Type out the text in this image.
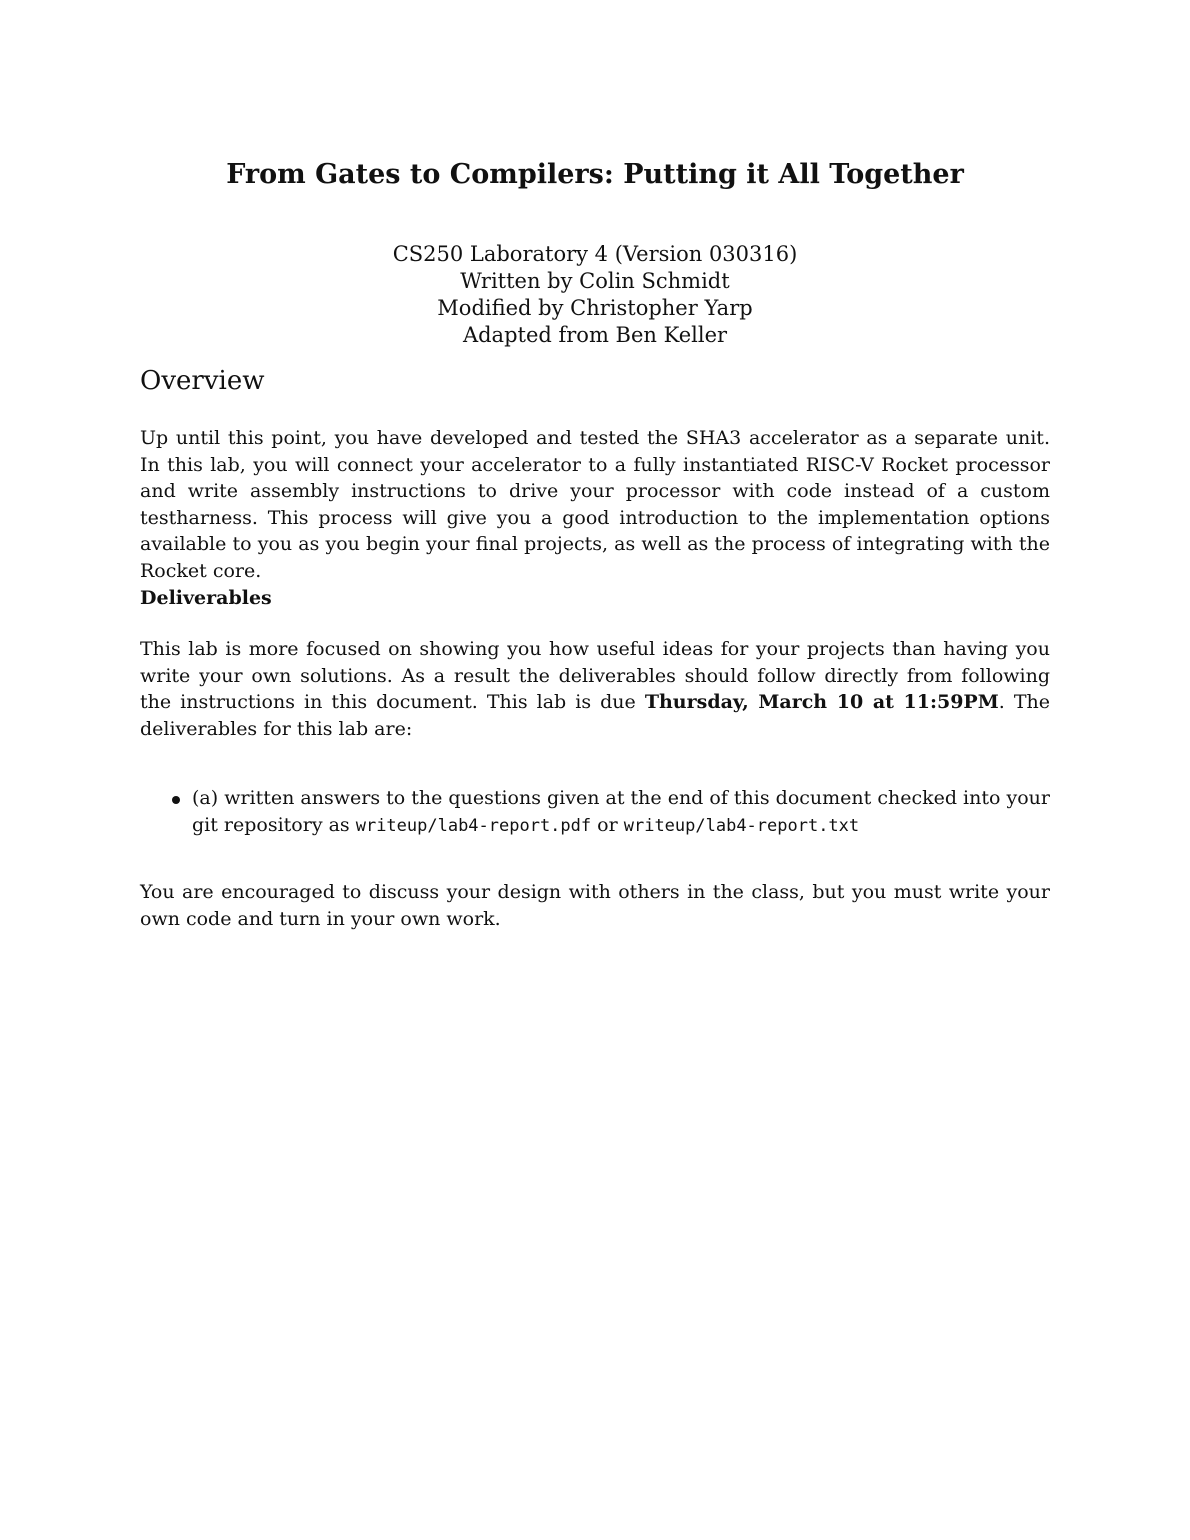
From Gates to Compilers: Putting it All Together
CS250 Laboratory 4 (Version 030316)
Written by Colin Schmidt
Modified by Christopher Yarp
Adapted from Ben Keller
Overview

Up until this point, you have developed and tested the SHA3 accelerator as a separate unit. In this lab, you will connect your accelerator to a fully instantiated RISC-V Rocket processor and write assembly instructions to drive your processor with code instead of a custom testharness. This process will give you a good introduction to the implementation options available to you as you begin your final projects, as well as the process of integrating with the Rocket core.

Deliverables

This lab is more focused on showing you how useful ideas for your projects than having you write your own solutions. As a result the deliverables should follow directly from following the instructions in this document. This lab is due Thursday, March 10 at 11:59PM. The deliverables for this lab are:

(a) written answers to the questions given at the end of this document checked into your git repository as writeup/lab4-report.pdf or writeup/lab4-report.txt

You are encouraged to discuss your design with others in the class, but you must write your own code and turn in your own work.
